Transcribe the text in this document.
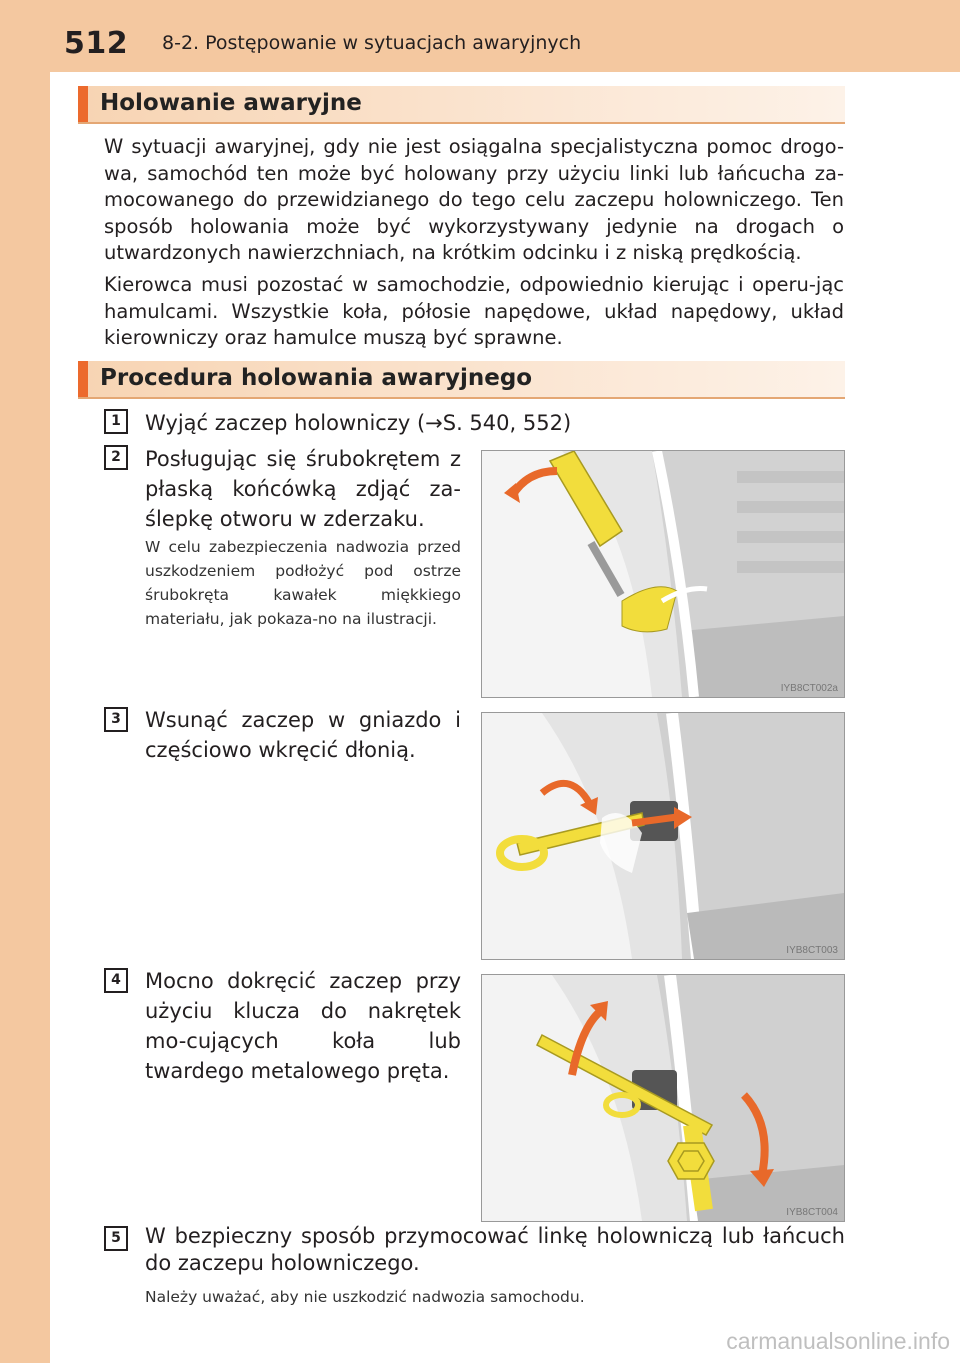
512 8-2. Postępowanie w sytuacjach awaryjnych
Holowanie awaryjne
W sytuacji awaryjnej, gdy nie jest osiągalna specjalistyczna pomoc drogo-wa, samochód ten może być holowany przy użyciu linki lub łańcucha za-mocowanego do przewidzianego do tego celu zaczepu holowniczego. Ten sposób holowania może być wykorzystywany jedynie na drogach o utwardzonych nawierzchniach, na krótkim odcinku i z niską prędkością.
Kierowca musi pozostać w samochodzie, odpowiednio kierując i operu-jąc hamulcami. Wszystkie koła, półosie napędowe, układ napędowy, układ kierowniczy oraz hamulce muszą być sprawne.
Procedura holowania awaryjnego
1	Wyjąć zaczep holowniczy (→S. 540, 552)
2	Posługując się śrubokrętem z płaską końcówką zdjąć za-ślepkę otworu w zderzaku.
W celu zabezpieczenia nadwozia przed uszkodzeniem podłożyć pod ostrze śrubokręta kawałek miękkiego materiału, jak pokaza-no na ilustracji.
IYB8CT002a
3	Wsunąć zaczep w gniazdo i częściowo wkręcić dłonią.
IYB8CT003
4	Mocno dokręcić zaczep przy użyciu klucza do nakrętek mo-cujących koła lub twardego metalowego pręta.
IYB8CT004
5	W bezpieczny sposób przymocować linkę holowniczą lub łańcuch do zaczepu holowniczego.
Należy uważać, aby nie uszkodzić nadwozia samochodu.
carmanualsonline.info
